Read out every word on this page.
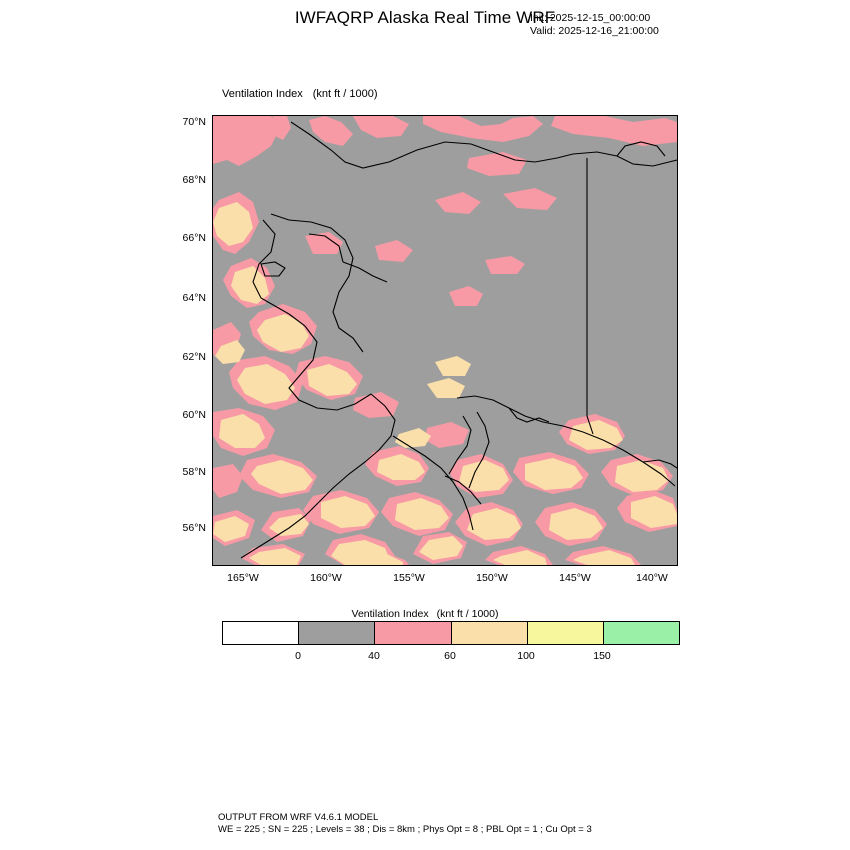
IWFAQRP Alaska Real Time WRF
Init: 2025-12-15_00:00:00
Valid: 2025-12-16_21:00:00
Ventilation Index (knt ft / 1000)
70°N
68°N
66°N
64°N
62°N
60°N
58°N
56°N
165°W	160°W	155°W	150°W	145°W	140°W
Ventilation Index (knt ft / 1000)
0	40	60	100	150
OUTPUT FROM WRF V4.6.1 MODEL
WE = 225 ; SN = 225 ; Levels = 38 ; Dis = 8km ; Phys Opt = 8 ; PBL Opt = 1 ; Cu Opt = 3
